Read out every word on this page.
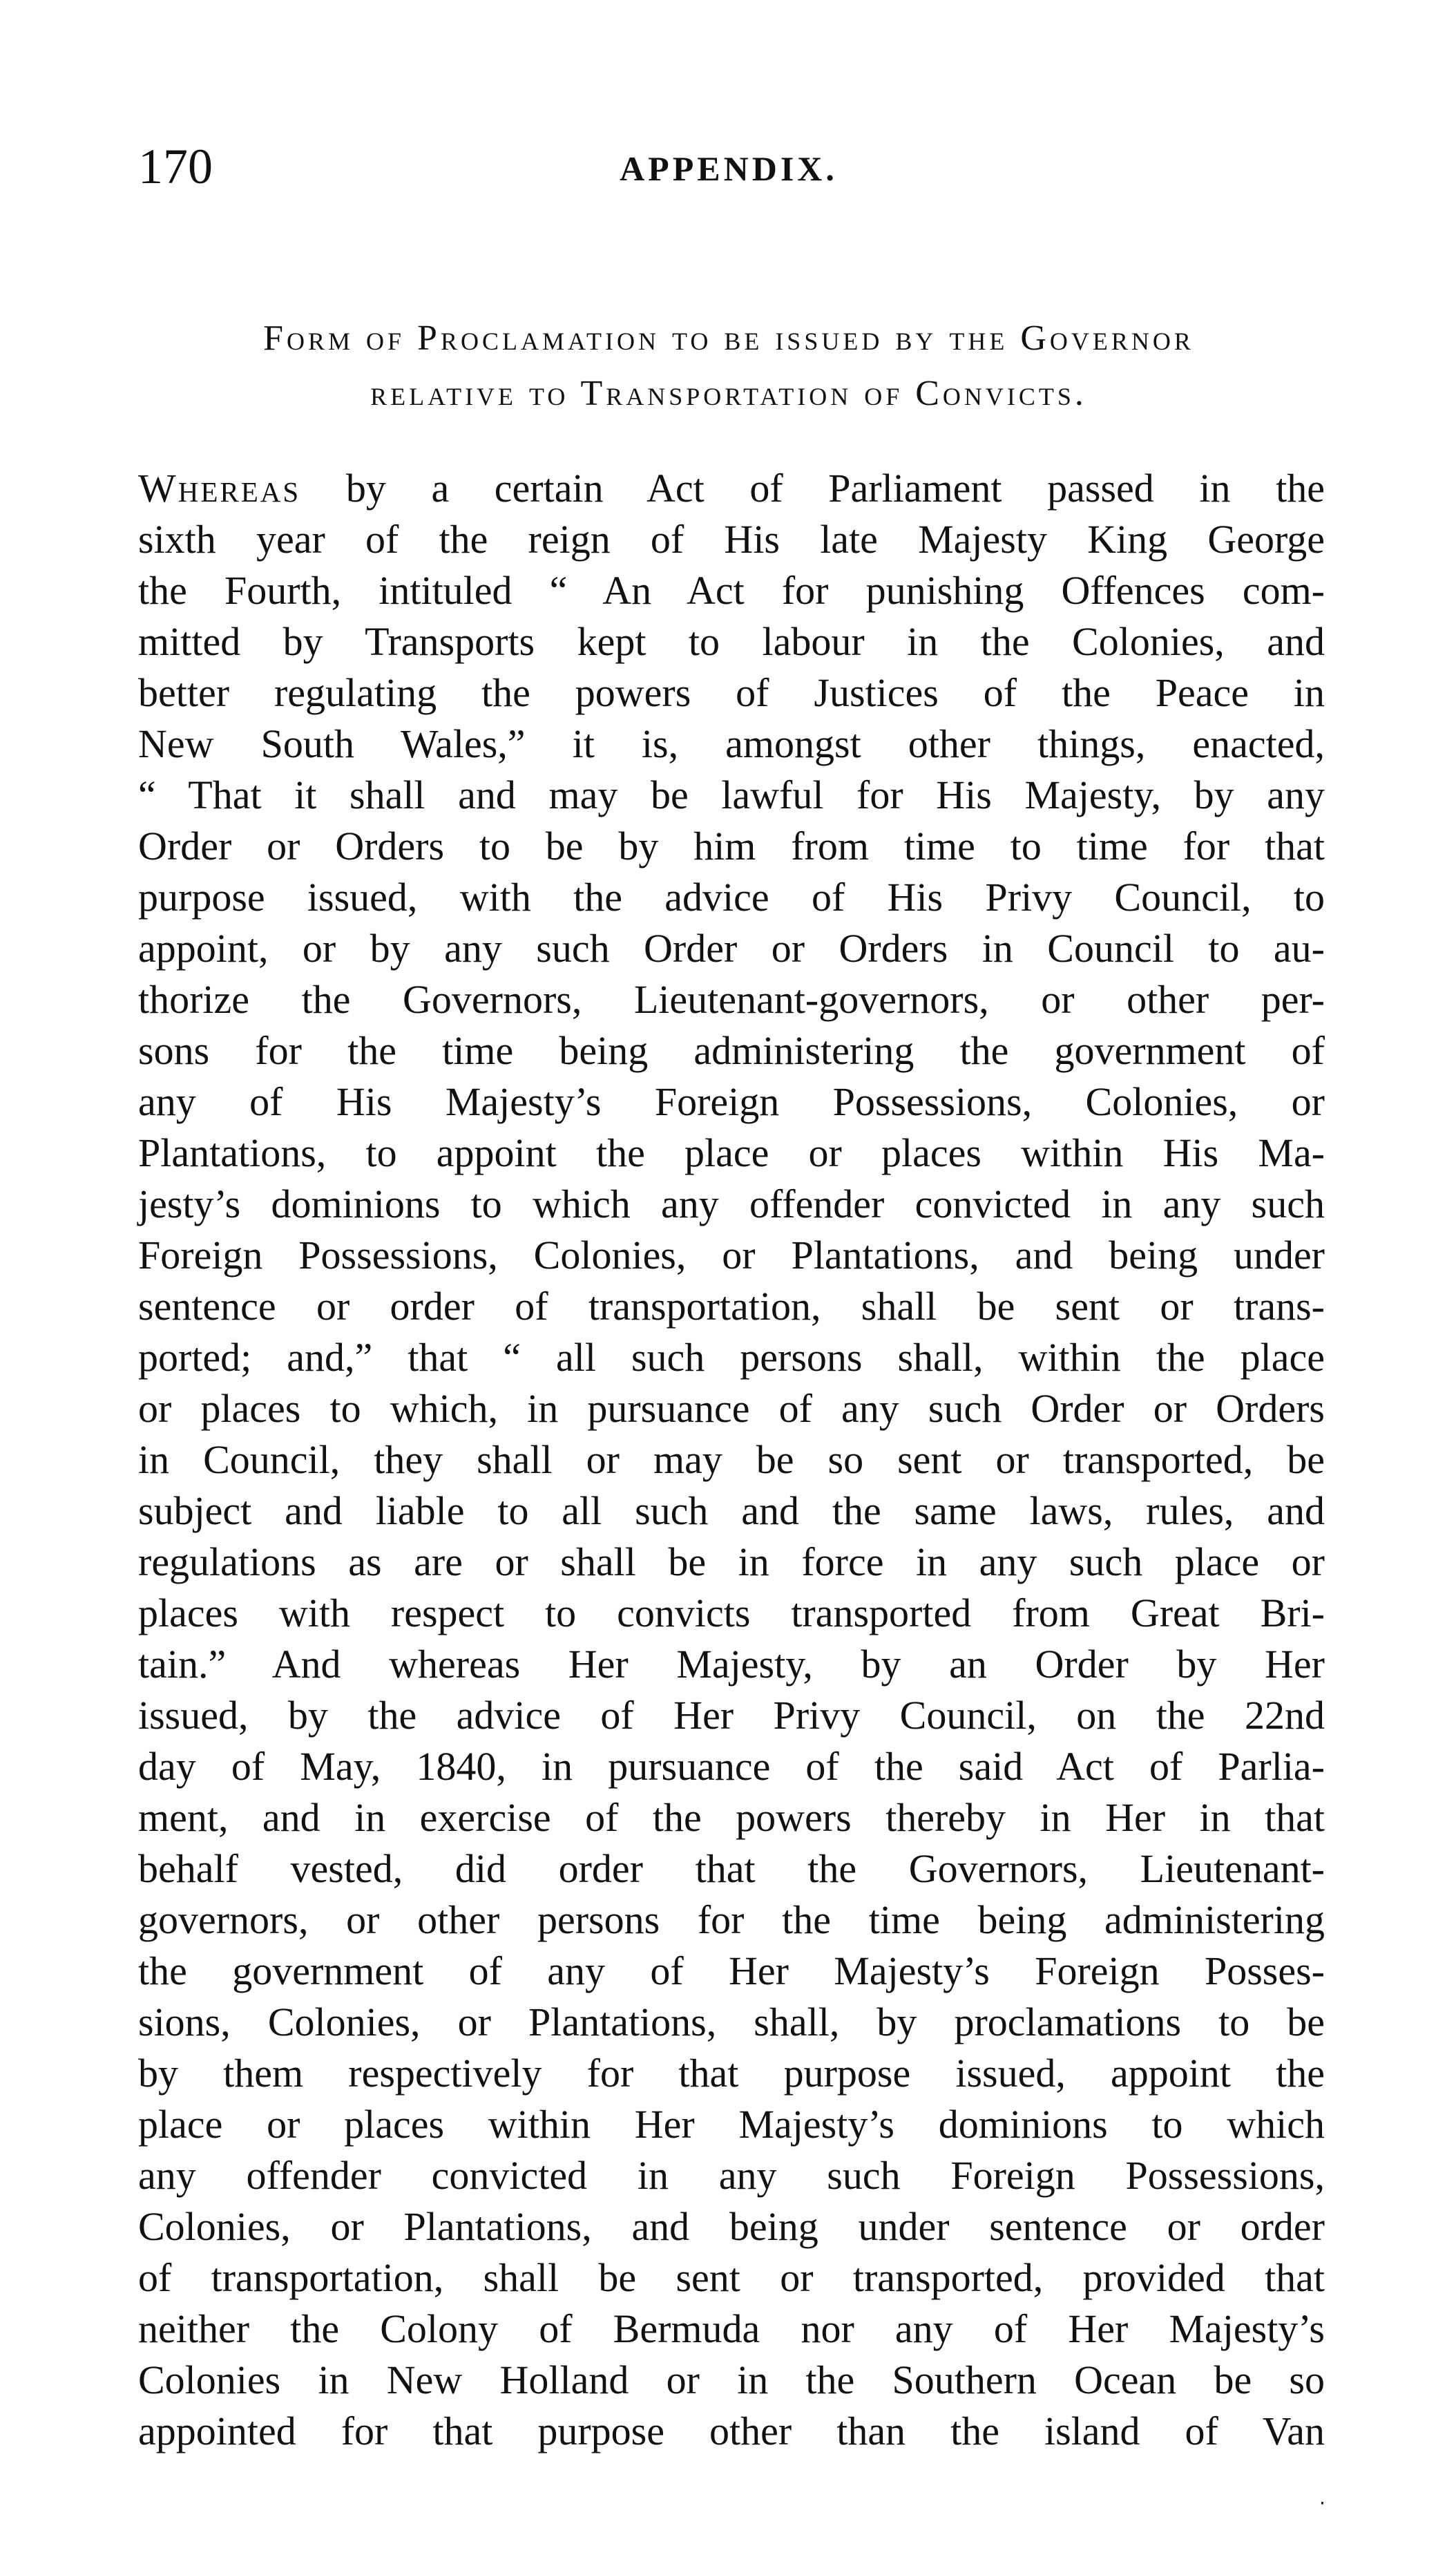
170	APPENDIX.
Form of Proclamation to be issued by the Governor
relative to Transportation of Convicts.
Whereas by a certain Act of Parliament passed in the
sixth year of the reign of His late Majesty King George
the Fourth, intituled “ An Act for punishing Offences com-
mitted by Transports kept to labour in the Colonies, and
better regulating the powers of Justices of the Peace in
New South Wales,” it is, amongst other things, enacted,
“ That it shall and may be lawful for His Majesty, by any
Order or Orders to be by him from time to time for that
purpose issued, with the advice of His Privy Council, to
appoint, or by any such Order or Orders in Council to au-
thorize the Governors, Lieutenant-governors, or other per-
sons for the time being administering the government of
any of His Majesty’s Foreign Possessions, Colonies, or
Plantations, to appoint the place or places within His Ma-
jesty’s dominions to which any offender convicted in any such
Foreign Possessions, Colonies, or Plantations, and being under
sentence or order of transportation, shall be sent or trans-
ported; and,” that “ all such persons shall, within the place
or places to which, in pursuance of any such Order or Orders
in Council, they shall or may be so sent or transported, be
subject and liable to all such and the same laws, rules, and
regulations as are or shall be in force in any such place or
places with respect to convicts transported from Great Bri-
tain.” And whereas Her Majesty, by an Order by Her
issued, by the advice of Her Privy Council, on the 22nd
day of May, 1840, in pursuance of the said Act of Parlia-
ment, and in exercise of the powers thereby in Her in that
behalf vested, did order that the Governors, Lieutenant-
governors, or other persons for the time being administering
the government of any of Her Majesty’s Foreign Posses-
sions, Colonies, or Plantations, shall, by proclamations to be
by them respectively for that purpose issued, appoint the
place or places within Her Majesty’s dominions to which
any offender convicted in any such Foreign Possessions,
Colonies, or Plantations, and being under sentence or order
of transportation, shall be sent or transported, provided that
neither the Colony of Bermuda nor any of Her Majesty’s
Colonies in New Holland or in the Southern Ocean be so
appointed for that purpose other than the island of Van
‧
